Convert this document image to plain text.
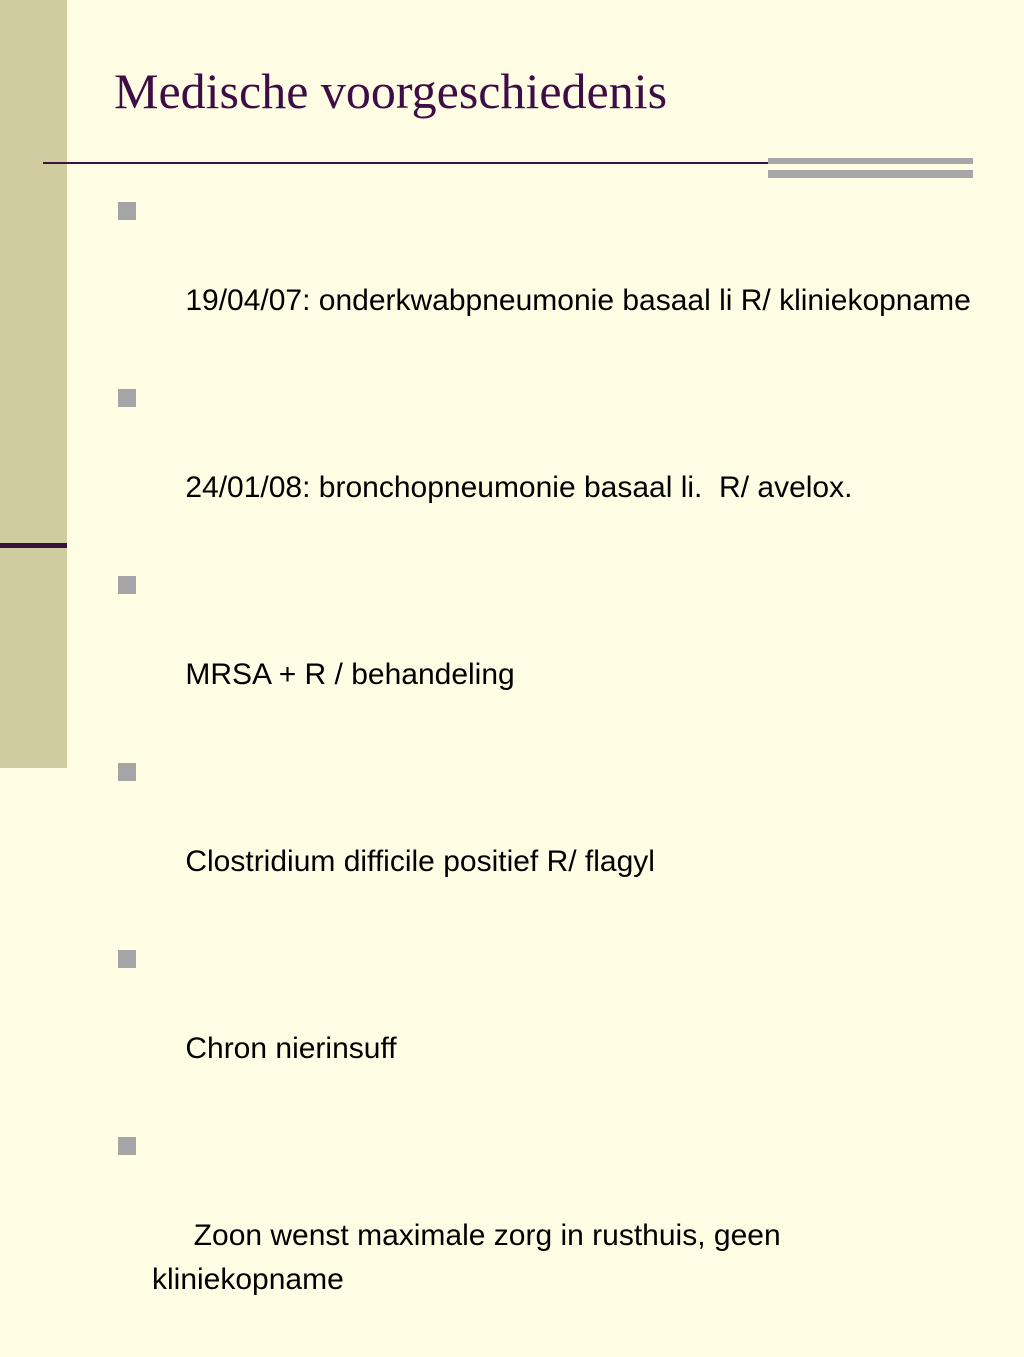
Medische voorgeschiedenis

19/04/07: onderkwabpneumonie basaal li R/ kliniekopname

24/01/08: bronchopneumonie basaal li.  R/ avelox.

MRSA + R / behandeling

Clostridium difficile positief R/ flagyl

Chron nierinsuff

Zoon wenst maximale zorg in rusthuis, geen kliniekopname
